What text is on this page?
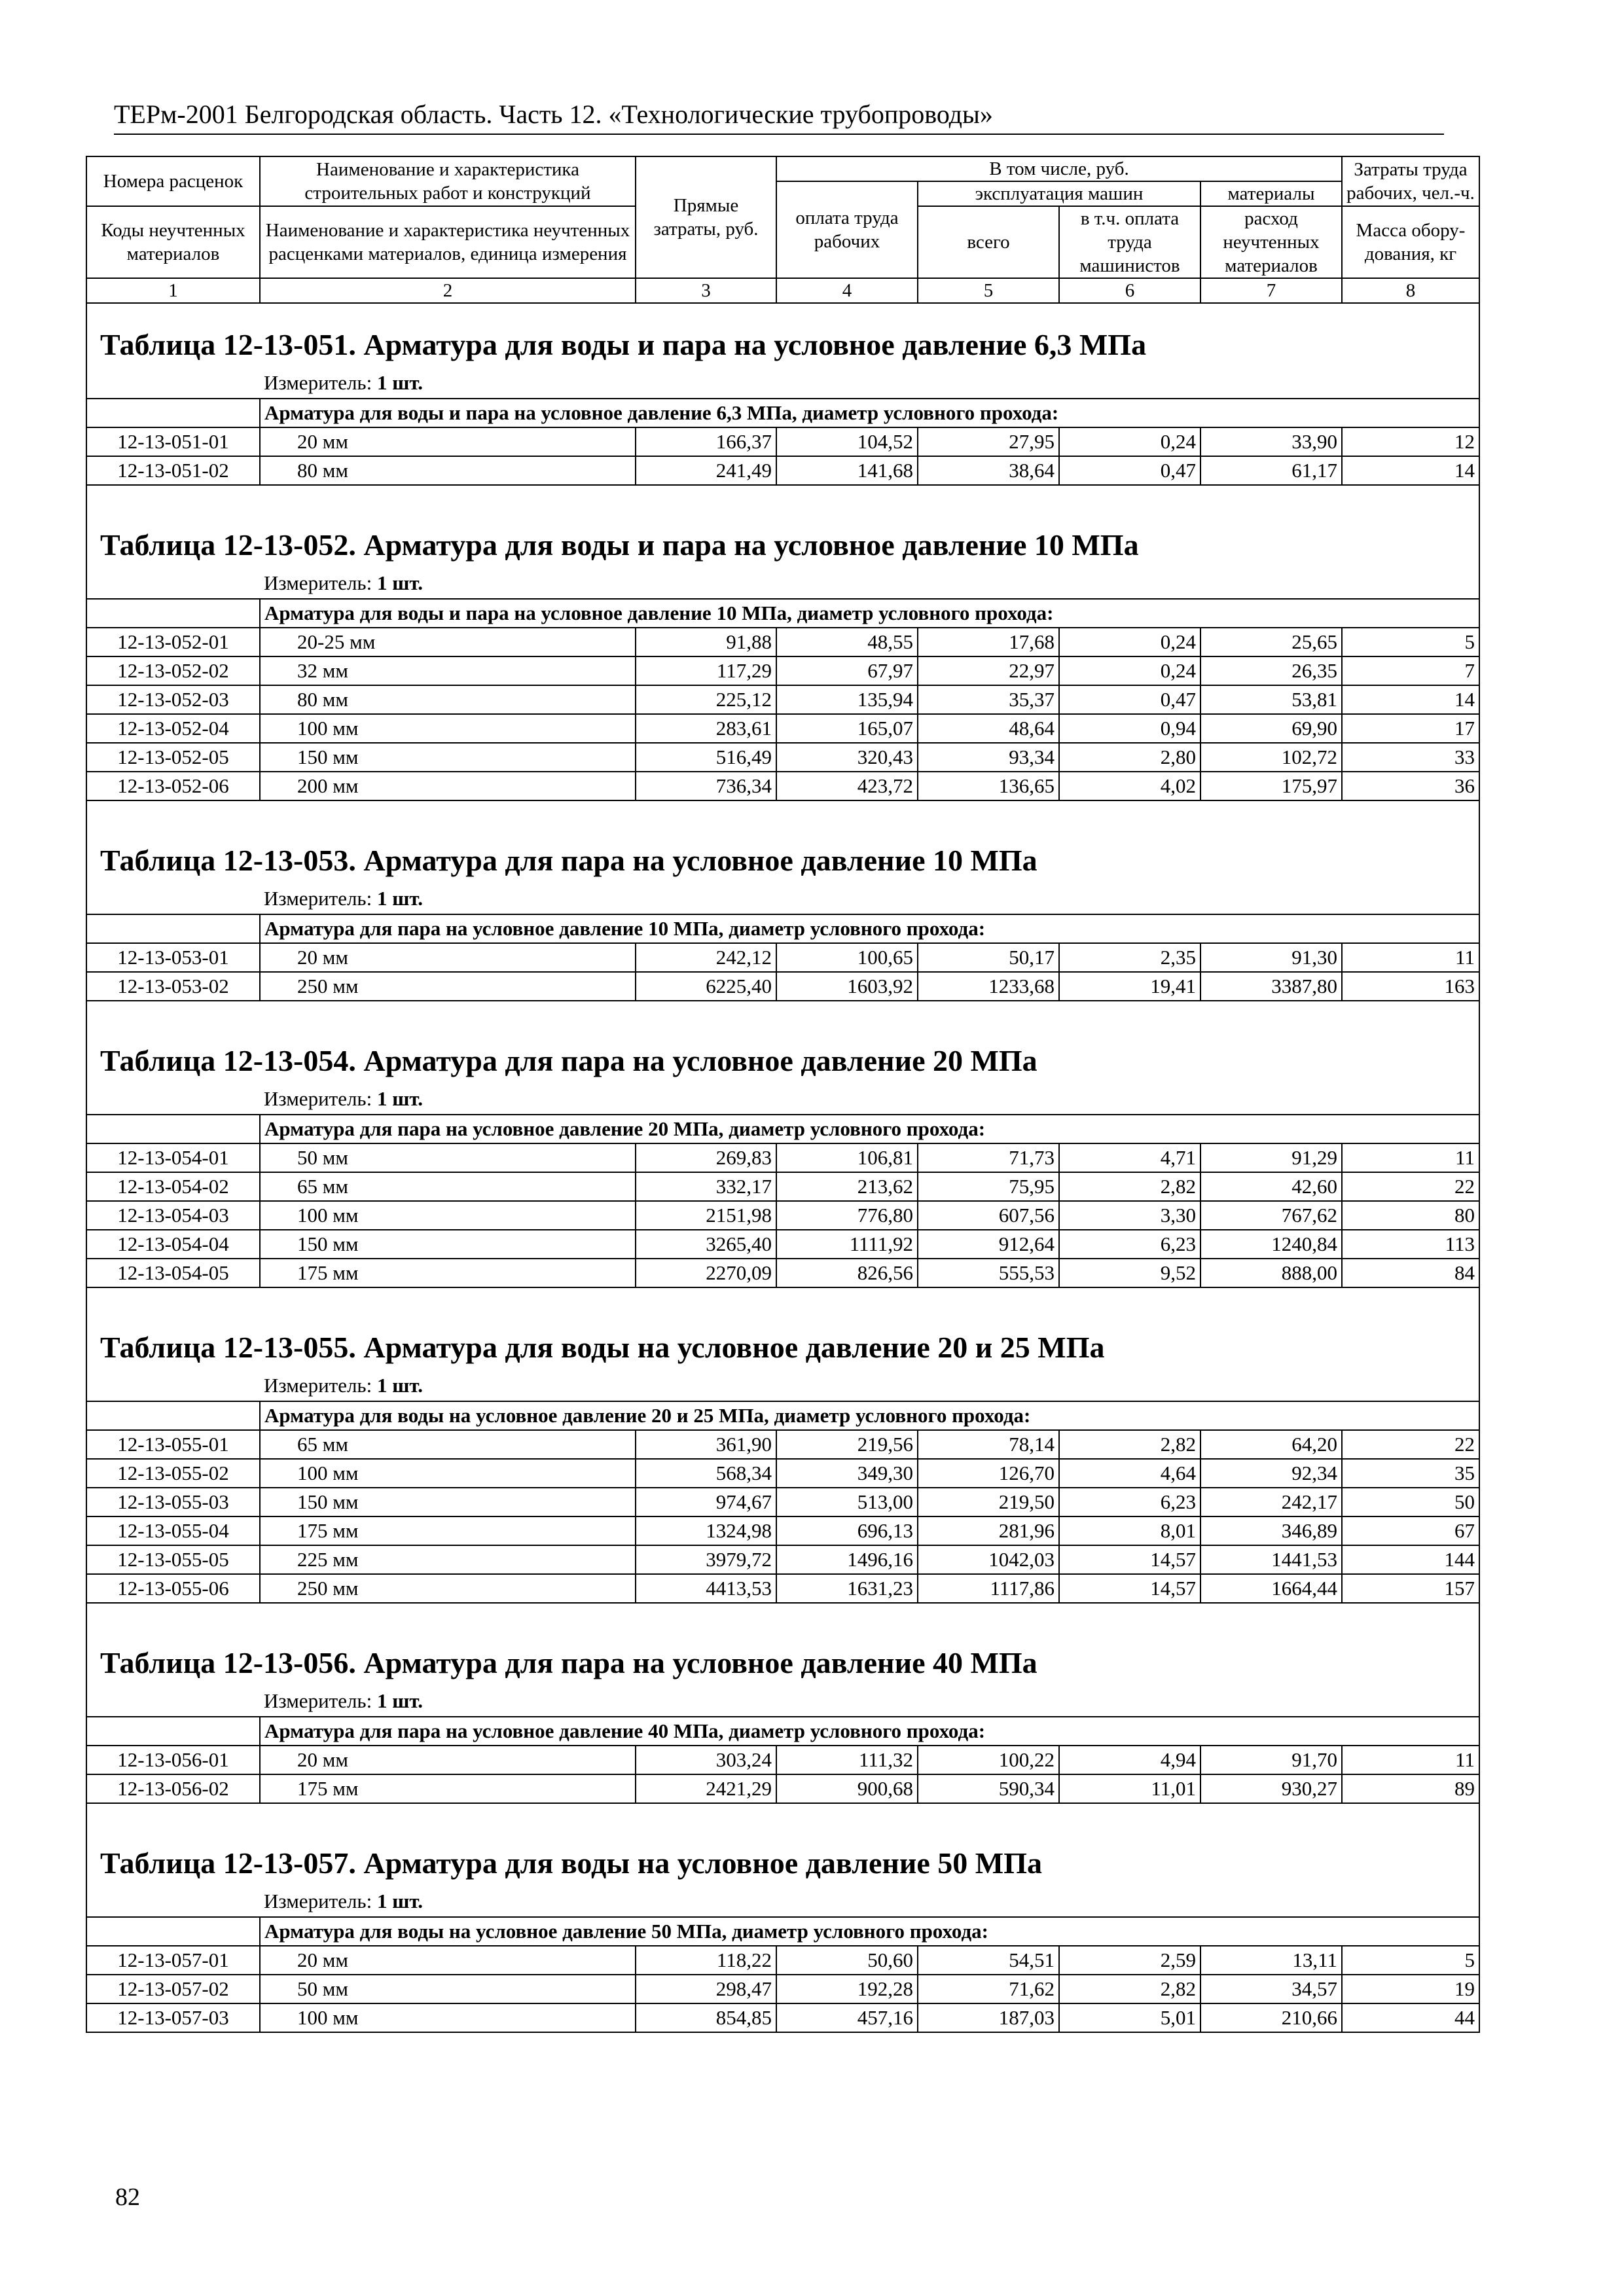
ТЕРм-2001 Белгородская область. Часть 12. «Технологические трубопроводы»
Номера расценок	Наименование и характеристика строительных работ и конструкций	Прямые затраты, руб.	В том числе, руб.				Затраты труда рабочих, чел.-ч.
			оплата труда рабочих	эксплуатация машин		материалы	
Коды неучтенных материалов	Наименование и характеристика неучтенных расценками материалов, единица измерения			всего	в т.ч. оплата труда машинистов	расход неучтенных материалов	
							Масса обору-дования, кг
1	2	3	4	5	6	7	8
Таблица 12-13-051. Арматура для воды и пара на условное давление 6,3 МПа							
	Измеритель: 1 шт.						
	Арматура для воды и пара на условное давление 6,3 МПа, диаметр условного прохода:						
12-13-051-01	20 мм	166,37	104,52	27,95	0,24	33,90	12
12-13-051-02	80 мм	241,49	141,68	38,64	0,47	61,17	14
Таблица 12-13-052. Арматура для воды и пара на условное давление 10 МПа							
	Измеритель: 1 шт.						
	Арматура для воды и пара на условное давление 10 МПа, диаметр условного прохода:						
12-13-052-01	20-25 мм	91,88	48,55	17,68	0,24	25,65	5
12-13-052-02	32 мм	117,29	67,97	22,97	0,24	26,35	7
12-13-052-03	80 мм	225,12	135,94	35,37	0,47	53,81	14
12-13-052-04	100 мм	283,61	165,07	48,64	0,94	69,90	17
12-13-052-05	150 мм	516,49	320,43	93,34	2,80	102,72	33
12-13-052-06	200 мм	736,34	423,72	136,65	4,02	175,97	36
Таблица 12-13-053. Арматура для пара на условное давление 10 МПа							
	Измеритель: 1 шт.						
	Арматура для пара на условное давление 10 МПа, диаметр условного прохода:						
12-13-053-01	20 мм	242,12	100,65	50,17	2,35	91,30	11
12-13-053-02	250 мм	6225,40	1603,92	1233,68	19,41	3387,80	163
Таблица 12-13-054. Арматура для пара на условное давление 20 МПа							
	Измеритель: 1 шт.						
	Арматура для пара на условное давление 20 МПа, диаметр условного прохода:						
12-13-054-01	50 мм	269,83	106,81	71,73	4,71	91,29	11
12-13-054-02	65 мм	332,17	213,62	75,95	2,82	42,60	22
12-13-054-03	100 мм	2151,98	776,80	607,56	3,30	767,62	80
12-13-054-04	150 мм	3265,40	1111,92	912,64	6,23	1240,84	113
12-13-054-05	175 мм	2270,09	826,56	555,53	9,52	888,00	84
Таблица 12-13-055. Арматура для воды на условное давление 20 и 25 МПа							
	Измеритель: 1 шт.						
	Арматура для воды на условное давление 20 и 25 МПа, диаметр условного прохода:						
12-13-055-01	65 мм	361,90	219,56	78,14	2,82	64,20	22
12-13-055-02	100 мм	568,34	349,30	126,70	4,64	92,34	35
12-13-055-03	150 мм	974,67	513,00	219,50	6,23	242,17	50
12-13-055-04	175 мм	1324,98	696,13	281,96	8,01	346,89	67
12-13-055-05	225 мм	3979,72	1496,16	1042,03	14,57	1441,53	144
12-13-055-06	250 мм	4413,53	1631,23	1117,86	14,57	1664,44	157
Таблица 12-13-056. Арматура для пара на условное давление 40 МПа							
	Измеритель: 1 шт.						
	Арматура для пара на условное давление 40 МПа, диаметр условного прохода:						
12-13-056-01	20 мм	303,24	111,32	100,22	4,94	91,70	11
12-13-056-02	175 мм	2421,29	900,68	590,34	11,01	930,27	89
Таблица 12-13-057. Арматура для воды на условное давление 50 МПа							
	Измеритель: 1 шт.						
	Арматура для воды на условное давление 50 МПа, диаметр условного прохода:						
12-13-057-01	20 мм	118,22	50,60	54,51	2,59	13,11	5
12-13-057-02	50 мм	298,47	192,28	71,62	2,82	34,57	19
12-13-057-03	100 мм	854,85	457,16	187,03	5,01	210,66	44
82
